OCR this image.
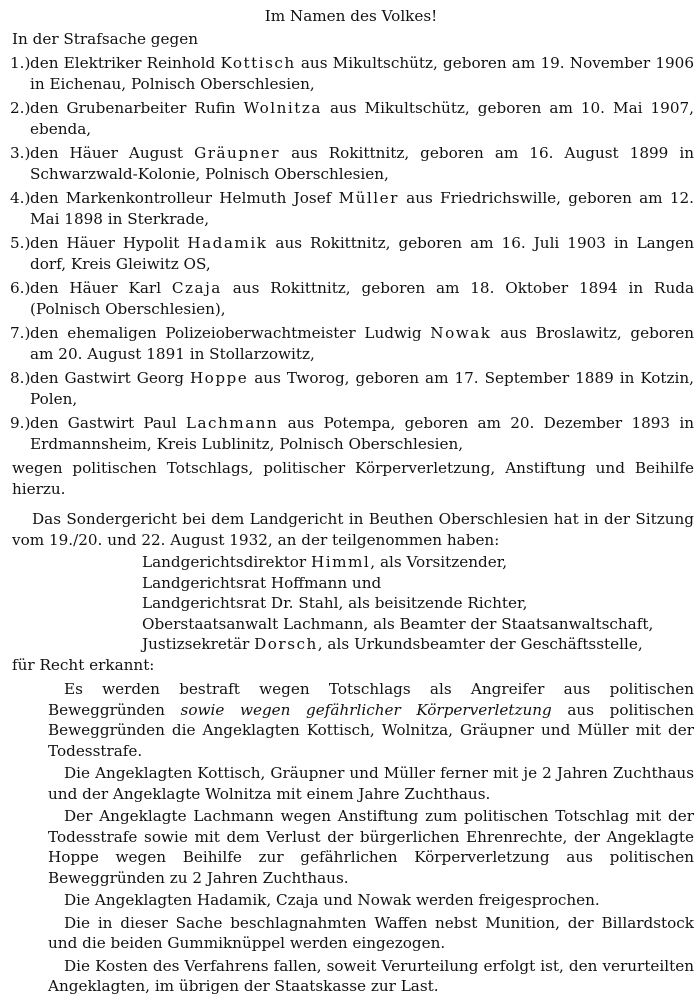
Im Namen des Volkes!
In der Strafsache gegen
1.) den Elektriker Reinhold Kottisch aus Mikultschütz, geboren am 19. November 1906 in Eichenau, Polnisch Oberschlesien,
2.) den Grubenarbeiter Rufin Wolnitza aus Mikultschütz, geboren am 10. Mai 1907, ebenda,
3.) den Häuer August Gräupner aus Rokittnitz, geboren am 16. August 1899 in Schwarzwald-Kolonie, Polnisch Oberschlesien,
4.) den Markenkontrolleur Helmuth Josef Müller aus Friedrichswille, geboren am 12. Mai 1898 in Sterkrade,
5.) den Häuer Hypolit Hadamik aus Rokittnitz, geboren am 16. Juli 1903 in Langen dorf, Kreis Gleiwitz OS,
6.) den Häuer Karl Czaja aus Rokittnitz, geboren am 18. Oktober 1894 in Ruda (Polnisch Oberschlesien),
7.) den ehemaligen Polizeioberwachtmeister Ludwig Nowak aus Broslawitz, geboren am 20. August 1891 in Stollarzowitz,
8.) den Gastwirt Georg Hoppe aus Tworog, geboren am 17. September 1889 in Kotzin, Polen,
9.) den Gastwirt Paul Lachmann aus Potempa, geboren am 20. Dezember 1893 in Erdmannsheim, Kreis Lublinitz, Polnisch Oberschlesien,
wegen politischen Totschlags, politischer Körperverletzung, Anstiftung und Beihilfe hierzu.
Das Sondergericht bei dem Landgericht in Beuthen Oberschlesien hat in der Sitzung vom 19./20. und 22. August 1932, an der teilgenommen haben:
Landgerichtsdirektor Himml, als Vorsitzender,
Landgerichtsrat Hoffmann und
Landgerichtsrat Dr. Stahl, als beisitzende Richter,
Oberstaatsanwalt Lachmann, als Beamter der Staatsanwaltschaft,
Justizsekretär Dorsch, als Urkundsbeamter der Geschäftsstelle,
für Recht erkannt:
Es werden bestraft wegen Totschlags als Angreifer aus politischen Beweggründen sowie wegen gefährlicher Körperverletzung aus politischen Beweggründen die Angeklagten Kottisch, Wolnitza, Gräupner und Müller mit der Todesstrafe.
Die Angeklagten Kottisch, Gräupner und Müller ferner mit je 2 Jahren Zuchthaus und der Angeklagte Wolnitza mit einem Jahre Zuchthaus.
Der Angeklagte Lachmann wegen Anstiftung zum politischen Totschlag mit der Todesstrafe sowie mit dem Verlust der bürgerlichen Ehrenrechte, der Angeklagte Hoppe wegen Beihilfe zur gefährlichen Körperverletzung aus politischen Beweggründen zu 2 Jahren Zuchthaus.
Die Angeklagten Hadamik, Czaja und Nowak werden freigesprochen.
Die in dieser Sache beschlagnahmten Waffen nebst Munition, der Billardstock und die beiden Gummiknüppel werden eingezogen.
Die Kosten des Verfahrens fallen, soweit Verurteilung erfolgt ist, den verurteilten Angeklagten, im übrigen der Staatskasse zur Last.
